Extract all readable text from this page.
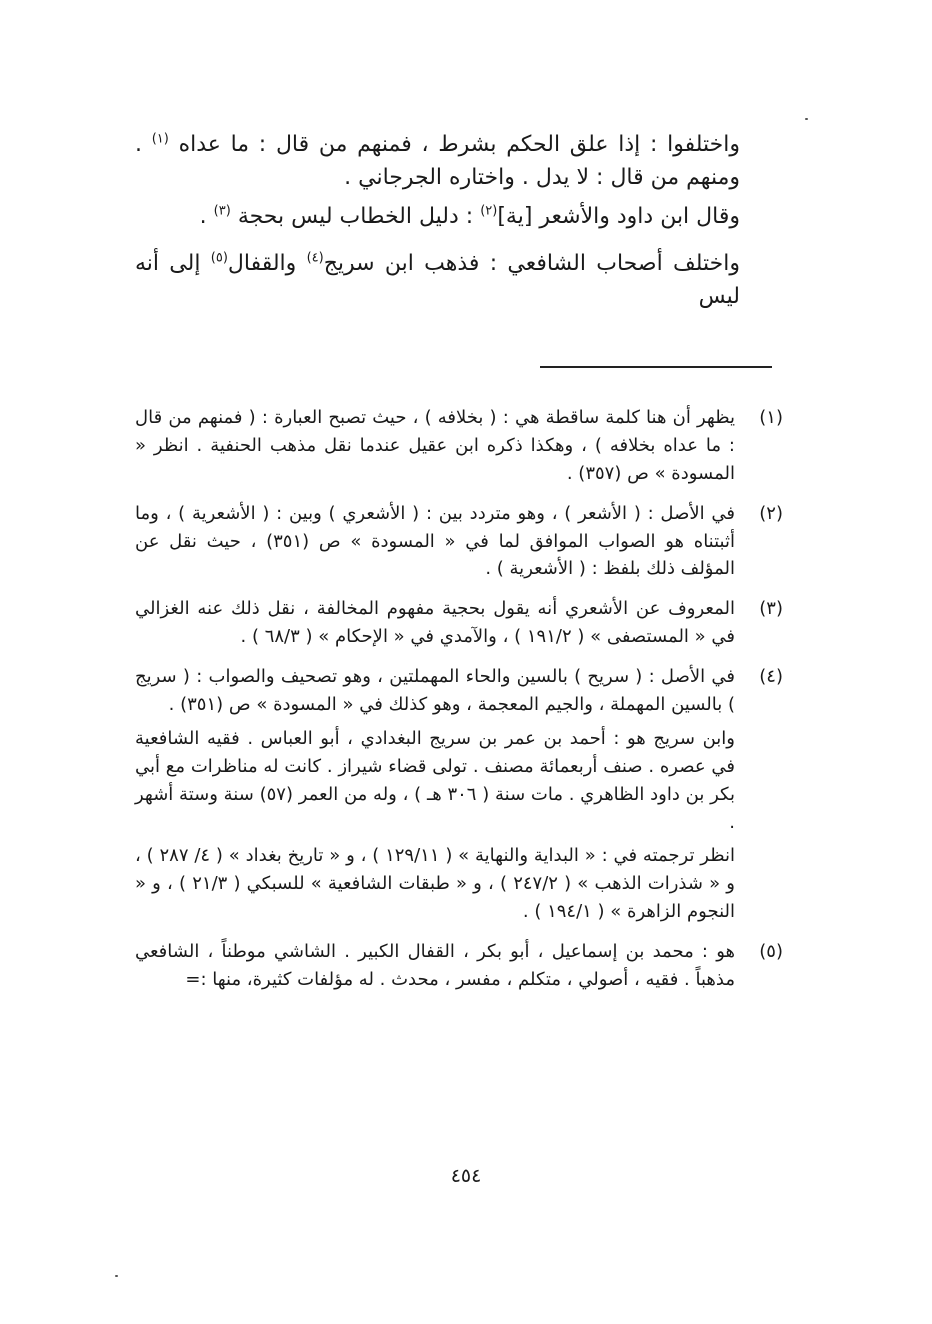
واختلفوا : إذا علق الحكم بشرط ، فمنهم من قال : ما عداه $^{(١)}$ . ومنهم من قال : لا يدل . واختاره الجرجاني .

وقال ابن داود والأشعر [ية]$^{(٢)}$ : دليل الخطاب ليس بحجة $^{(٣)}$ .

واختلف أصحاب الشافعي : فذهب ابن سريج$^{(٤)}$ والقفال$^{(٥)}$ إلى أنه ليس

(١)

يظهر أن هنا كلمة ساقطة هي : ( بخلافه ) ، حيث تصبح العبارة : ( فمنهم من قال : ما عداه بخلافه ) ، وهكذا ذكره ابن عقيل عندما نقل مذهب الحنفية . انظر « المسودة » ص (٣٥٧) .

(٢)

في الأصل : ( الأشعر ) ، وهو متردد بين : ( الأشعري ) وبين : ( الأشعرية ) ، وما أثبتناه هو الصواب الموافق لما في « المسودة » ص (٣٥١) ، حيث نقل عن المؤلف ذلك بلفظ : ( الأشعرية ) .

(٣)

المعروف عن الأشعري أنه يقول بحجية مفهوم المخالفة ، نقل ذلك عنه الغزالي في « المستصفى » ( ١٩١/٢ ) ، والآمدي في « الإحكام » ( ٦٨/٣ ) .

(٤)

في الأصل : ( سريح ) بالسين والحاء المهملتين ، وهو تصحيف والصواب : ( سريج ) بالسين المهملة ، والجيم المعجمة ، وهو كذلك في « المسودة » ص (٣٥١) .

وابن سريج هو : أحمد بن عمر بن سريج البغدادي ، أبو العباس . فقيه الشافعية في عصره . صنف أربعمائة مصنف . تولى قضاء شيراز . كانت له مناظرات مع أبي بكر بن داود الظاهري . مات سنة ( ٣٠٦ هـ ) ، وله من العمر (٥٧) سنة وستة أشهر .

انظر ترجمته في : « البداية والنهاية » ( ١٢٩/١١ ) ، و « تاريخ بغداد » ( ٤/ ٢٨٧ ) ، و « شذرات الذهب » ( ٢٤٧/٢ ) ، و « طبقات الشافعية » للسبكي ( ٢١/٣ ) ، و « النجوم الزاهرة » ( ١٩٤/١ ) .

(٥)

هو : محمد بن إسماعيل ، أبو بكر ، القفال الكبير . الشاشي موطناً ، الشافعي مذهباً . فقيه ، أصولي ، متكلم ، مفسر ، محدث . له مؤلفات كثيرة، منها :=

٤٥٤
